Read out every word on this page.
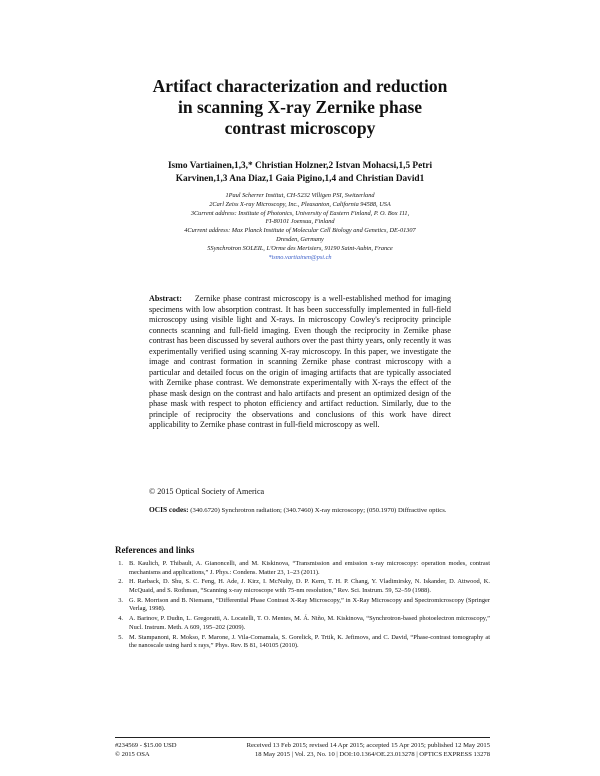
Artifact characterization and reduction
in scanning X-ray Zernike phase
contrast microscopy
Ismo Vartiainen,1,3,* Christian Holzner,2 Istvan Mohacsi,1,5 Petri
Karvinen,1,3 Ana Diaz,1 Gaia Pigino,1,4 and Christian David1
1Paul Scherrer Institut, CH-5232 Villigen PSI, Switzerland
2Carl Zeiss X-ray Microscopy, Inc., Pleasanton, California 94588, USA
3Current address: Institute of Photonics, University of Eastern Finland, P. O. Box 111,
FI-80101 Joensuu, Finland
4Current address: Max Planck Institute of Molecular Cell Biology and Genetics, DE-01307
Dresden, Germany
5Synchrotron SOLEIL, L'Orme des Merisiers, 91190 Saint-Aubin, France
*ismo.vartiainen@psi.ch
Abstract: Zernike phase contrast microscopy is a well-established method for imaging specimens with low absorption contrast. It has been successfully implemented in full-field microscopy using visible light and X-rays. In microscopy Cowley's reciprocity principle connects scanning and full-field imaging. Even though the reciprocity in Zernike phase contrast has been discussed by several authors over the past thirty years, only recently it was experimentally verified using scanning X-ray microscopy. In this paper, we investigate the image and contrast formation in scanning Zernike phase contrast microscopy with a particular and detailed focus on the origin of imaging artifacts that are typically associated with Zernike phase contrast. We demonstrate experimentally with X-rays the effect of the phase mask design on the contrast and halo artifacts and present an optimized design of the phase mask with respect to photon efficiency and artifact reduction. Similarly, due to the principle of reciprocity the observations and conclusions of this work have direct applicability to Zernike phase contrast in full-field microscopy as well.
© 2015 Optical Society of America
OCIS codes: (340.6720) Synchrotron radiation; (340.7460) X-ray microscopy; (050.1970) Diffractive optics.
References and links
1. B. Kaulich, P. Thibault, A. Gianoncelli, and M. Kiskinova, “Transmission and emission x-ray microscopy: operation modes, contrast mechanisms and applications,” J. Phys.: Condens. Matter 23, 1–23 (2011).
2. H. Rarback, D. Shu, S. C. Feng, H. Ade, J. Kirz, I. McNulty, D. P. Kern, T. H. P. Chang, Y. Vladimirsky, N. Iskander, D. Attwood, K. McQuaid, and S. Rothman, “Scanning x-ray microscope with 75-nm resolution,” Rev. Sci. Instrum. 59, 52–59 (1988).
3. G. R. Morrison and B. Niemann, “Differential Phase Contrast X-Ray Microscopy,” in X-Ray Microscopy and Spectromicroscopy (Springer Verlag, 1998).
4. A. Barinov, P. Dudin, L. Gregoratti, A. Locatelli, T. O. Mentes, M. Á. Niño, M. Kiskinova, “Synchrotron-based photoelectron microscopy,” Nucl. Instrum. Meth. A 609, 195–202 (2009).
5. M. Stampanoni, R. Mokso, F. Marone, J. Vila-Comamala, S. Gorelick, P. Trtik, K. Jefimovs, and C. David, “Phase-contrast tomography at the nanoscale using hard x rays,” Phys. Rev. B 81, 140105 (2010).
#234569 - $15.00 USD	Received 13 Feb 2015; revised 14 Apr 2015; accepted 15 Apr 2015; published 12 May 2015
© 2015 OSA	18 May 2015 | Vol. 23, No. 10 | DOI:10.1364/OE.23.013278 | OPTICS EXPRESS 13278
